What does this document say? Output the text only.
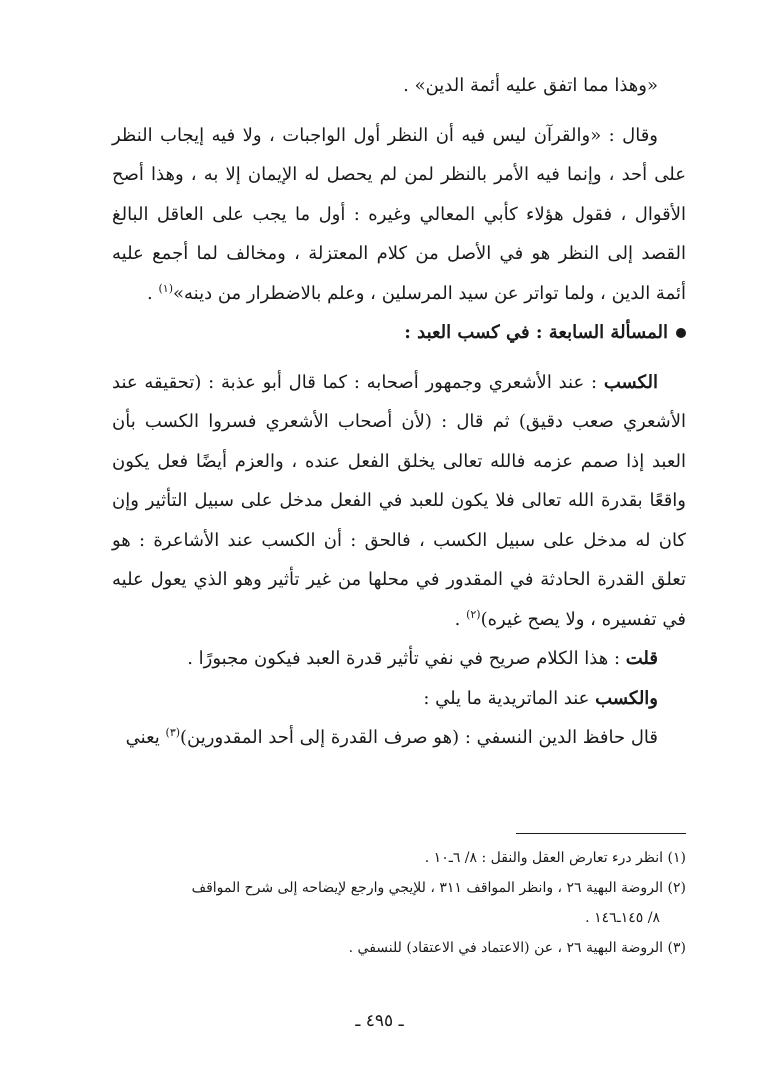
«وهذا مما اتفق عليه أئمة الدين» .

وقال : «والقرآن ليس فيه أن النظر أول الواجبات ، ولا فيه إيجاب النظر على أحد ، وإنما فيه الأمر بالنظر لمن لم يحصل له الإيمان إلا به ، وهذا أصح الأقوال ، فقول هؤلاء كأبي المعالي وغيره : أول ما يجب على العاقل البالغ القصد إلى النظر هو في الأصل من كلام المعتزلة ، ومخالف لما أجمع عليه أئمة الدين ، ولما تواتر عن سيد المرسلين ، وعلم بالاضطرار من دينه»$^{(١)}$ .

المسألة السابعة : في كسب العبد :

الكسب : عند الأشعري وجمهور أصحابه : كما قال أبو عذبة : (تحقيقه عند الأشعري صعب دقيق) ثم قال : (لأن أصحاب الأشعري فسروا الكسب بأن العبد إذا صمم عزمه فالله تعالى يخلق الفعل عنده ، والعزم أيضًا فعل يكون واقعًا بقدرة الله تعالى فلا يكون للعبد في الفعل مدخل على سبيل التأثير وإن كان له مدخل على سبيل الكسب ، فالحق : أن الكسب عند الأشاعرة : هو تعلق القدرة الحادثة في المقدور في محلها من غير تأثير وهو الذي يعول عليه في تفسيره ، ولا يصح غيره)$^{(٢)}$ .

قلت : هذا الكلام صريح في نفي تأثير قدرة العبد فيكون مجبورًا .

والكسب عند الماتريدية ما يلي :

قال حافظ الدين النسفي : (هو صرف القدرة إلى أحد المقدورين)$^{(٣)}$ يعني

(١) انظر درء تعارض العقل والنقل : ٨/ ٦ـ١٠ .

(٢) الروضة البهية ٢٦ ، وانظر المواقف ٣١١ ، للإيجي وارجع لإيضاحه إلى شرح المواقف

٨/ ١٤٥ـ١٤٦ .

(٣) الروضة البهية ٢٦ ، عن (الاعتماد في الاعتقاد) للنسفي .

ـ ٤٩٥ ـ
